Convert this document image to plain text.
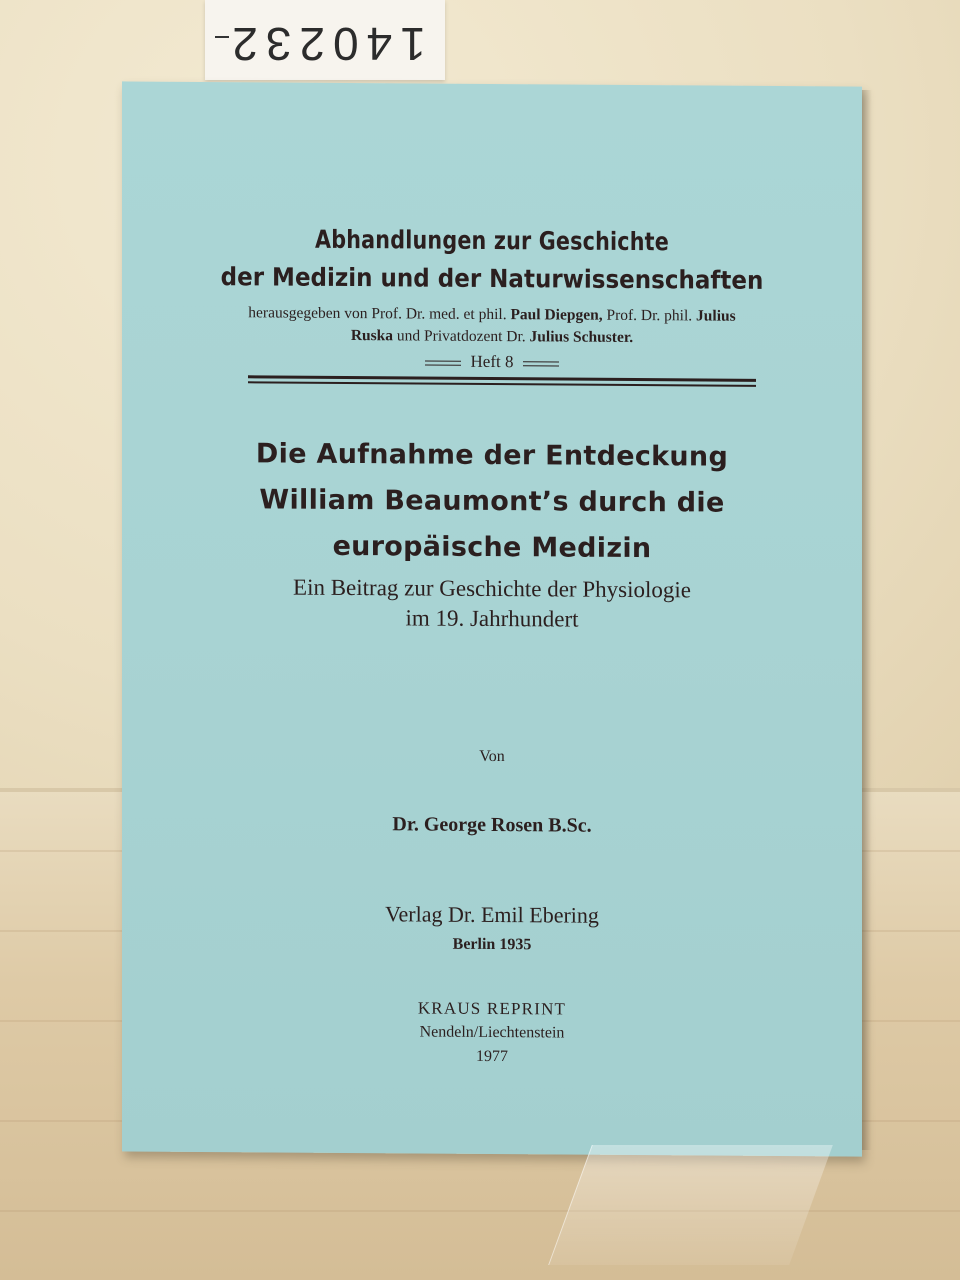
140232
Abhandlungen zur Geschichte
der Medizin und der Naturwissenschaften
herausgegeben von Prof. Dr. med. et phil. Paul Diepgen, Prof. Dr. phil. Julius
Ruska und Privatdozent Dr. Julius Schuster.
Heft 8
Die Aufnahme der Entdeckung
William Beaumont’s durch die
europäische Medizin
Ein Beitrag zur Geschichte der Physiologie
im 19. Jahrhundert
Von
Dr. George Rosen B.Sc.
Verlag Dr. Emil Ebering
Berlin 1935
KRAUS REPRINT
Nendeln/Liechtenstein
1977
